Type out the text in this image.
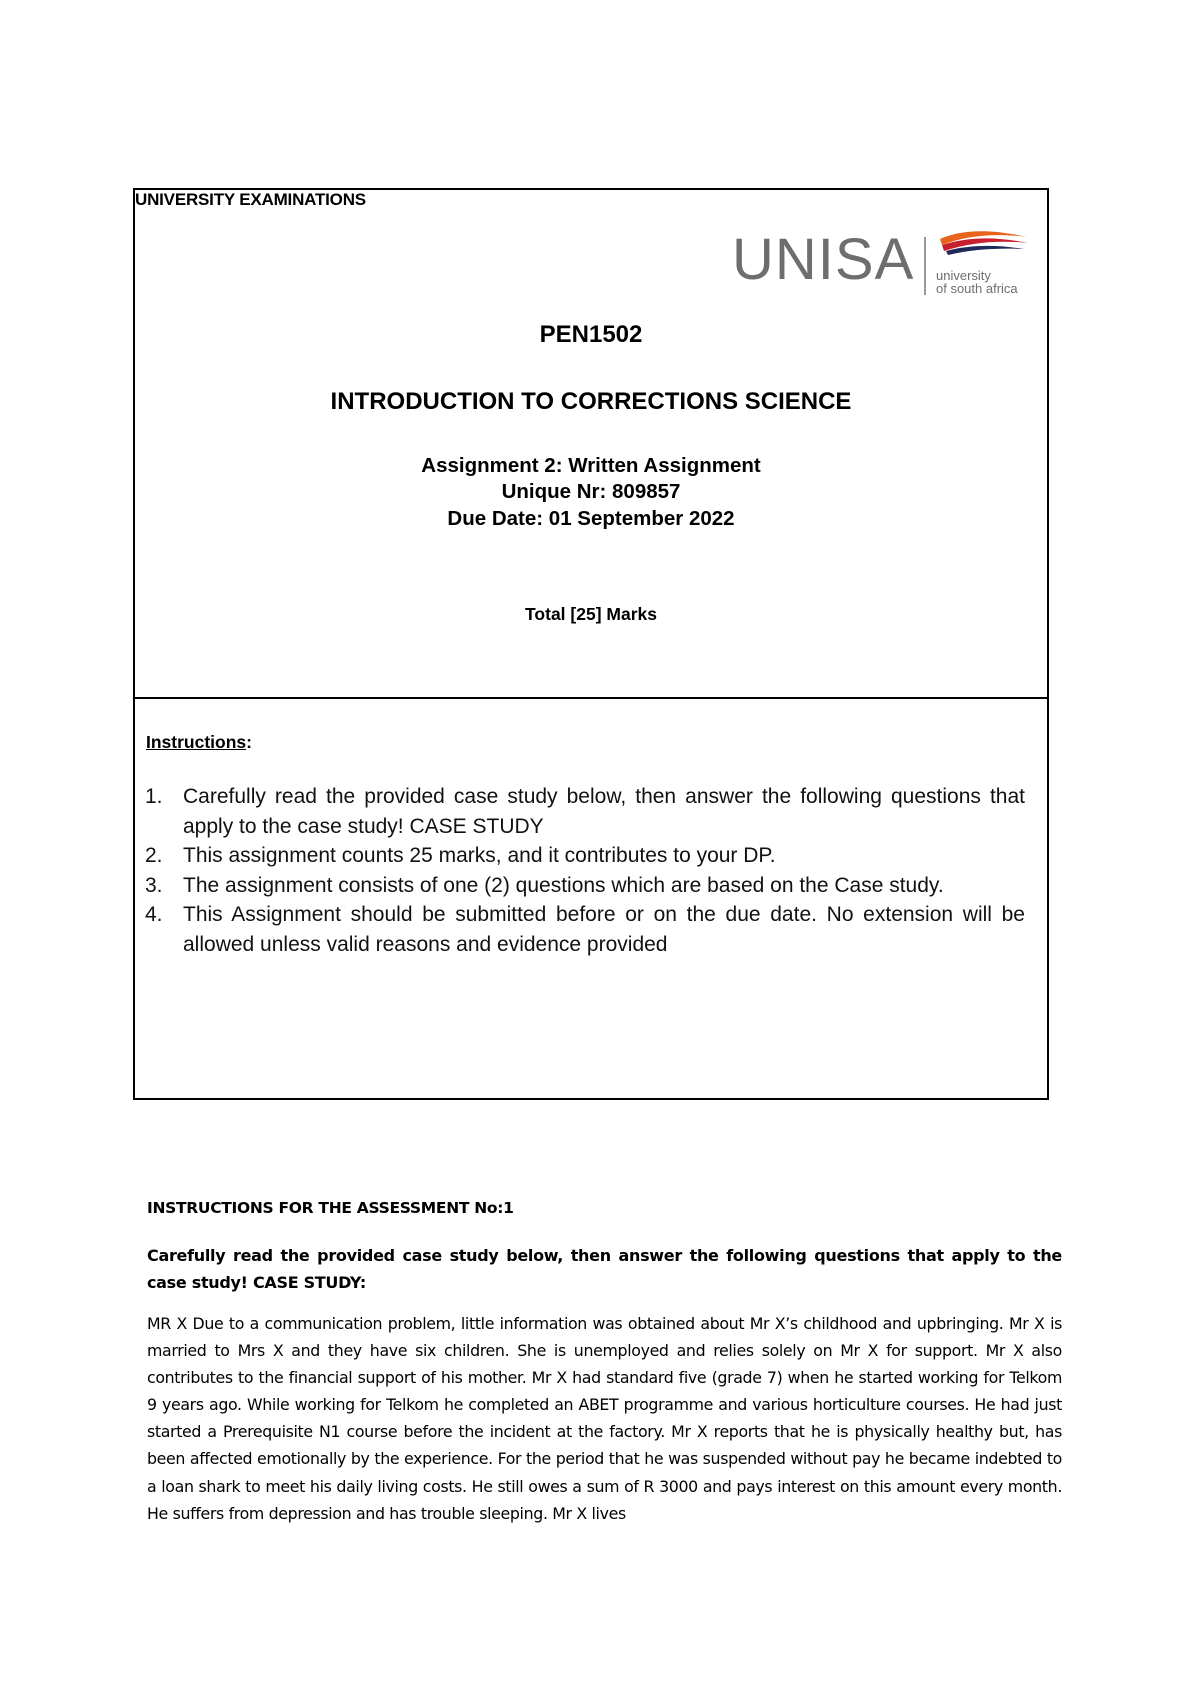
UNIVERSITY EXAMINATIONS
UNISA university
of south africa
PEN1502
INTRODUCTION TO CORRECTIONS SCIENCE
Assignment 2: Written Assignment
Unique Nr: 809857
Due Date: 01 September 2022
Total [25] Marks
Instructions:
1. Carefully read the provided case study below, then answer the following questions that apply to the case study! CASE STUDY
2. This assignment counts 25 marks, and it contributes to your DP.
3. The assignment consists of one (2) questions which are based on the Case study.
4. This Assignment should be submitted before or on the due date. No extension will be allowed unless valid reasons and evidence provided
INSTRUCTIONS FOR THE ASSESSMENT No:1
Carefully read the provided case study below, then answer the following questions that apply to the case study! CASE STUDY:
MR X Due to a communication problem, little information was obtained about Mr X’s childhood and upbringing. Mr X is married to Mrs X and they have six children. She is unemployed and relies solely on Mr X for support. Mr X also contributes to the financial support of his mother. Mr X had standard five (grade 7) when he started working for Telkom 9 years ago. While working for Telkom he completed an ABET programme and various horticulture courses. He had just started a Prerequisite N1 course before the incident at the factory. Mr X reports that he is physically healthy but, has been affected emotionally by the experience. For the period that he was suspended without pay he became indebted to a loan shark to meet his daily living costs. He still owes a sum of R 3000 and pays interest on this amount every month. He suffers from depression and has trouble sleeping. Mr X lives
